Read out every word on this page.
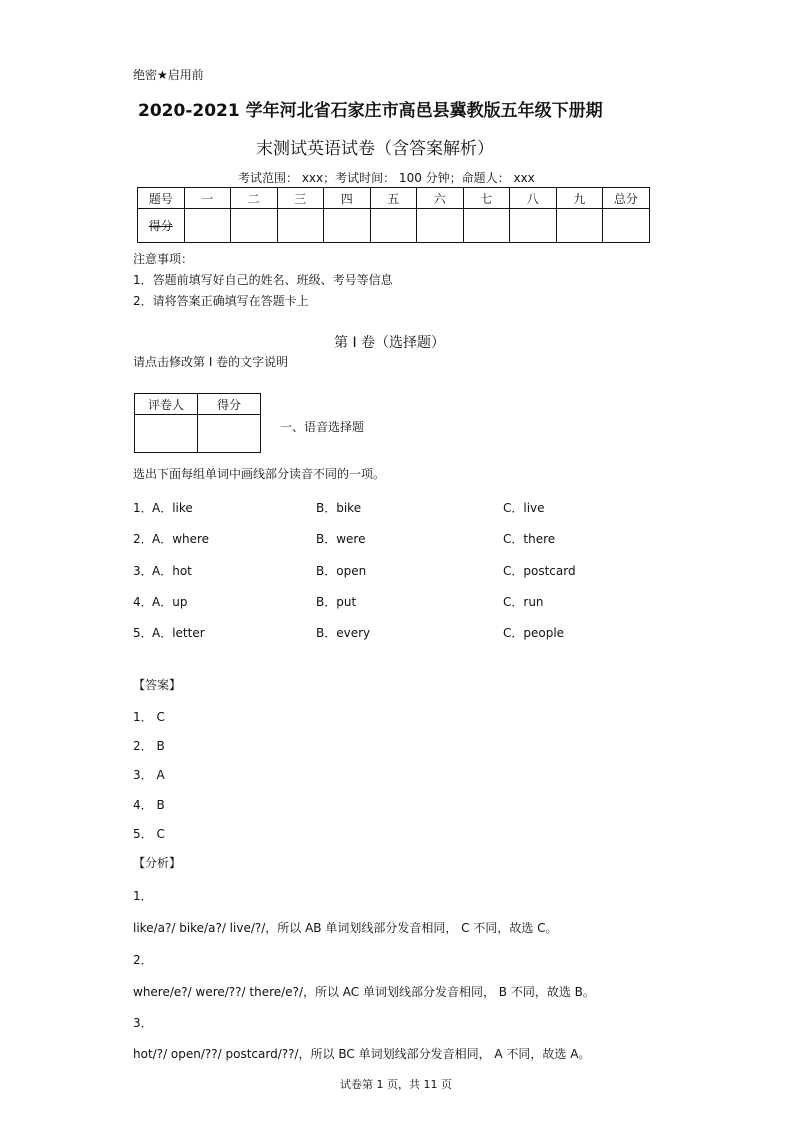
绝密★启用前
2020-2021 学年河北省石家庄市高邑县冀教版五年级下册期
末测试英语试卷（含答案解析）
考试范围： xxx；考试时间： 100 分钟；命题人： xxx
题号	一	二	三	四	五	六	七	八	九	总分
得分										
注意事项：
1．答题前填写好自己的姓名、班级、考号等信息
2．请将答案正确填写在答题卡上
第 I 卷（选择题）
请点击修改第 I 卷的文字说明
评卷人	得分

一、语音选择题
选出下面每组单词中画线部分读音不同的一项。
1． A．like	B．bike	C．live
2． A．where	B．were	C．there
3． A．hot	B．open	C．postcard
4． A．up	B．put	C．run
5． A．letter	B．every	C．people
【答案】
1． C
2． B
3． A
4． B
5． C
【分析】
1．
like/a?/ bike/a?/ live/?/，所以 AB 单词划线部分发音相同， C 不同，故选 C。
2．
where/e?/ were/??/ there/e?/，所以 AC 单词划线部分发音相同， B 不同，故选 B。
3．
hot/?/ open/??/ postcard/??/，所以 BC 单词划线部分发音相同， A 不同，故选 A。
试卷第 1 页，共 11 页
